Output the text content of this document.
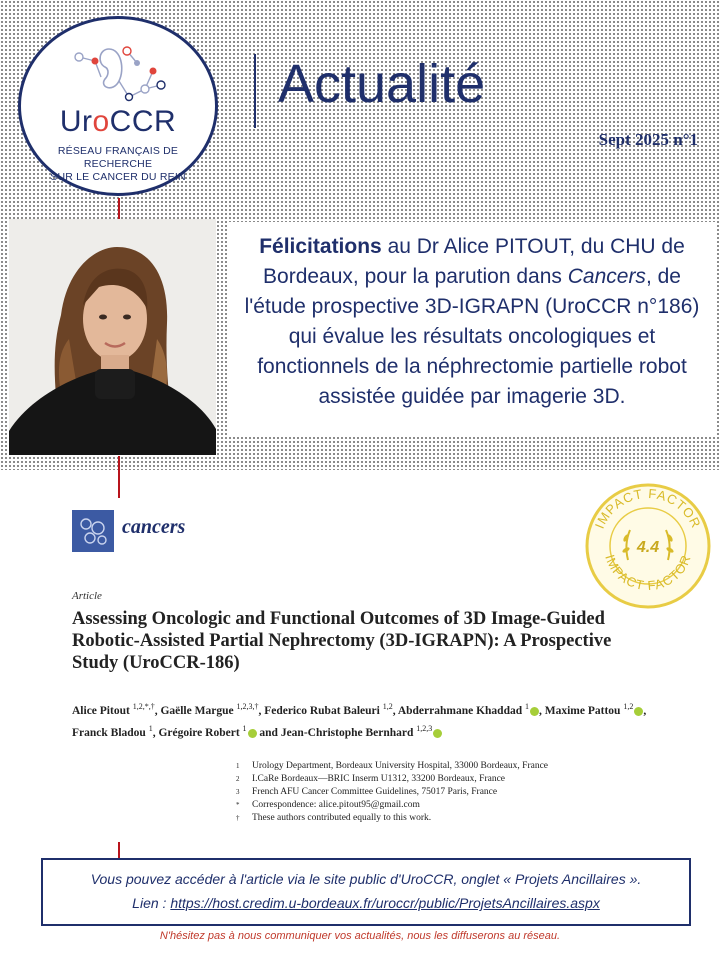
UroCCR
RÉSEAU FRANÇAIS DE RECHERCHE
SUR LE CANCER DU REIN
Actualité
Sept 2025 n°1
Félicitations au Dr Alice PITOUT, du CHU de Bordeaux, pour la parution dans Cancers, de l'étude prospective 3D-IGRAPN (UroCCR n°186) qui évalue les résultats oncologiques et fonctionnels de la néphrectomie partielle robot assistée guidée par imagerie 3D.
cancers	IMPACT FACTOR
IMPACT FACTOR
4.4
Article
Assessing Oncologic and Functional Outcomes of 3D Image-Guided Robotic-Assisted Partial Nephrectomy (3D-IGRAPN): A Prospective Study (UroCCR-186)
Alice Pitout $^{1,2,*,\dagger}$, Gaëlle Margue $^{1,2,3,\dagger}$, Federico Rubat Baleuri $^{1,2}$, Abderrahmane Khaddad $^1$ , Maxime Pattou $^{1,2}$ , Franck Bladou $^1$, Grégoire Robert $^1$ and Jean-Christophe Bernhard $^{1,2,3}$
1	Urology Department, Bordeaux University Hospital, 33000 Bordeaux, France
2	I.CaRe Bordeaux—BRIC Inserm U1312, 33200 Bordeaux, France
3	French AFU Cancer Committee Guidelines, 75017 Paris, France
*	Correspondence: alice.pitout95@gmail.com
†	These authors contributed equally to this work.
Vous pouvez accéder à l'article via le site public d'UroCCR, onglet « Projets Ancillaires ».
Lien : https://host.credim.u-bordeaux.fr/uroccr/public/ProjetsAncillaires.aspx
N'hésitez pas à nous communiquer vos actualités, nous les diffuserons au réseau.
